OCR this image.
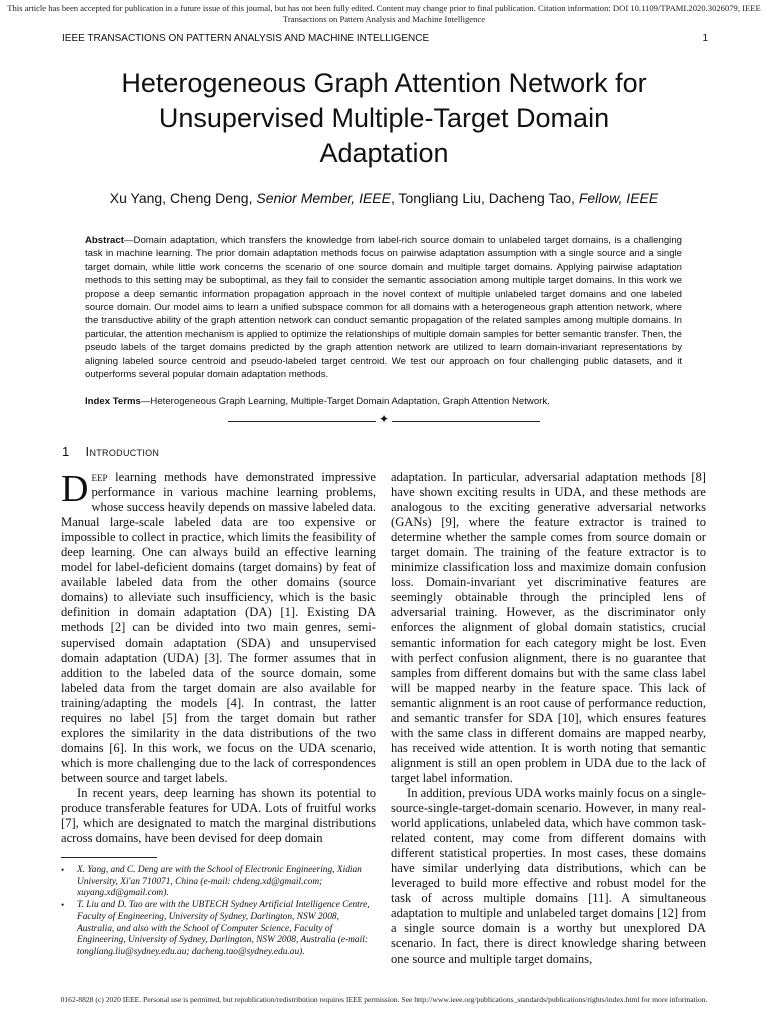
This article has been accepted for publication in a future issue of this journal, but has not been fully edited. Content may change prior to final publication. Citation information: DOI 10.1109/TPAMI.2020.3026079, IEEE
Transactions on Pattern Analysis and Machine Intelligence
IEEE TRANSACTIONS ON PATTERN ANALYSIS AND MACHINE INTELLIGENCE	1
Heterogeneous Graph Attention Network for
Unsupervised Multiple-Target Domain
Adaptation
Xu Yang, Cheng Deng, Senior Member, IEEE, Tongliang Liu, Dacheng Tao, Fellow, IEEE
Abstract—Domain adaptation, which transfers the knowledge from label-rich source domain to unlabeled target domains, is a challenging task in machine learning. The prior domain adaptation methods focus on pairwise adaptation assumption with a single source and a single target domain, while little work concerns the scenario of one source domain and multiple target domains. Applying pairwise adaptation methods to this setting may be suboptimal, as they fail to consider the semantic association among multiple target domains. In this work we propose a deep semantic information propagation approach in the novel context of multiple unlabeled target domains and one labeled source domain. Our model aims to learn a unified subspace common for all domains with a heterogeneous graph attention network, where the transductive ability of the graph attention network can conduct semantic propagation of the related samples among multiple domains. In particular, the attention mechanism is applied to optimize the relationships of multiple domain samples for better semantic transfer. Then, the pseudo labels of the target domains predicted by the graph attention network are utilized to learn domain-invariant representations by aligning labeled source centroid and pseudo-labeled target centroid. We test our approach on four challenging public datasets, and it outperforms several popular domain adaptation methods.
Index Terms—Heterogeneous Graph Learning, Multiple-Target Domain Adaptation, Graph Attention Network.
✦
1 Introduction

Deep learning methods have demonstrated impressive performance in various machine learning problems, whose success heavily depends on massive labeled data. Manual large-scale labeled data are too expensive or impossible to collect in practice, which limits the feasibility of deep learning. One can always build an effective learning model for label-deficient domains (target domains) by feat of available labeled data from the other domains (source domains) to alleviate such insufficiency, which is the basic definition in domain adaptation (DA) [1]. Existing DA methods [2] can be divided into two main genres, semi-supervised domain adaptation (SDA) and unsupervised domain adaptation (UDA) [3]. The former assumes that in addition to the labeled data of the source domain, some labeled data from the target domain are also available for training/adapting the models [4]. In contrast, the latter requires no label [5] from the target domain but rather explores the similarity in the data distributions of the two domains [6]. In this work, we focus on the UDA scenario, which is more challenging due to the lack of correspondences between source and target labels.

In recent years, deep learning has shown its potential to produce transferable features for UDA. Lots of fruitful works [7], which are designated to match the marginal distributions across domains, have been devised for deep domain

adaptation. In particular, adversarial adaptation methods [8] have shown exciting results in UDA, and these methods are analogous to the exciting generative adversarial networks (GANs) [9], where the feature extractor is trained to determine whether the sample comes from source domain or target domain. The training of the feature extractor is to minimize classification loss and maximize domain confusion loss. Domain-invariant yet discriminative features are seemingly obtainable through the principled lens of adversarial training. However, as the discriminator only enforces the alignment of global domain statistics, crucial semantic information for each category might be lost. Even with perfect confusion alignment, there is no guarantee that samples from different domains but with the same class label will be mapped nearby in the feature space. This lack of semantic alignment is an root cause of performance reduction, and semantic transfer for SDA [10], which ensures features with the same class in different domains are mapped nearby, has received wide attention. It is worth noting that semantic alignment is still an open problem in UDA due to the lack of target label information.

In addition, previous UDA works mainly focus on a single-source-single-target-domain scenario. However, in many real-world applications, unlabeled data, which have common task-related content, may come from different domains with different statistical properties. In most cases, these domains have similar underlying data distributions, which can be leveraged to build more effective and robust model for the task of across multiple domains [11]. A simultaneous adaptation to multiple and unlabeled target domains [12] from a single source domain is a worthy but unexplored DA scenario. In fact, there is direct knowledge sharing between one source and multiple target domains,

• X. Yang, and C. Deng are with the School of Electronic Engineering, Xidian University, Xi'an 710071, China (e-mail: chdeng.xd@gmail.com; xuyang.xd@gmail.com).
• T. Liu and D. Tao are with the UBTECH Sydney Artificial Intelligence Centre, Faculty of Engineering, University of Sydney, Darlington, NSW 2008, Australia, and also with the School of Computer Science, Faculty of Engineering, University of Sydney, Darlington, NSW 2008, Australia (e-mail: tongliang.liu@sydney.edu.au; dacheng.tao@sydney.edu.au).
0162-8828 (c) 2020 IEEE. Personal use is permitted, but republication/redistribution requires IEEE permission. See http://www.ieee.org/publications_standards/publications/rights/index.html for more information.
